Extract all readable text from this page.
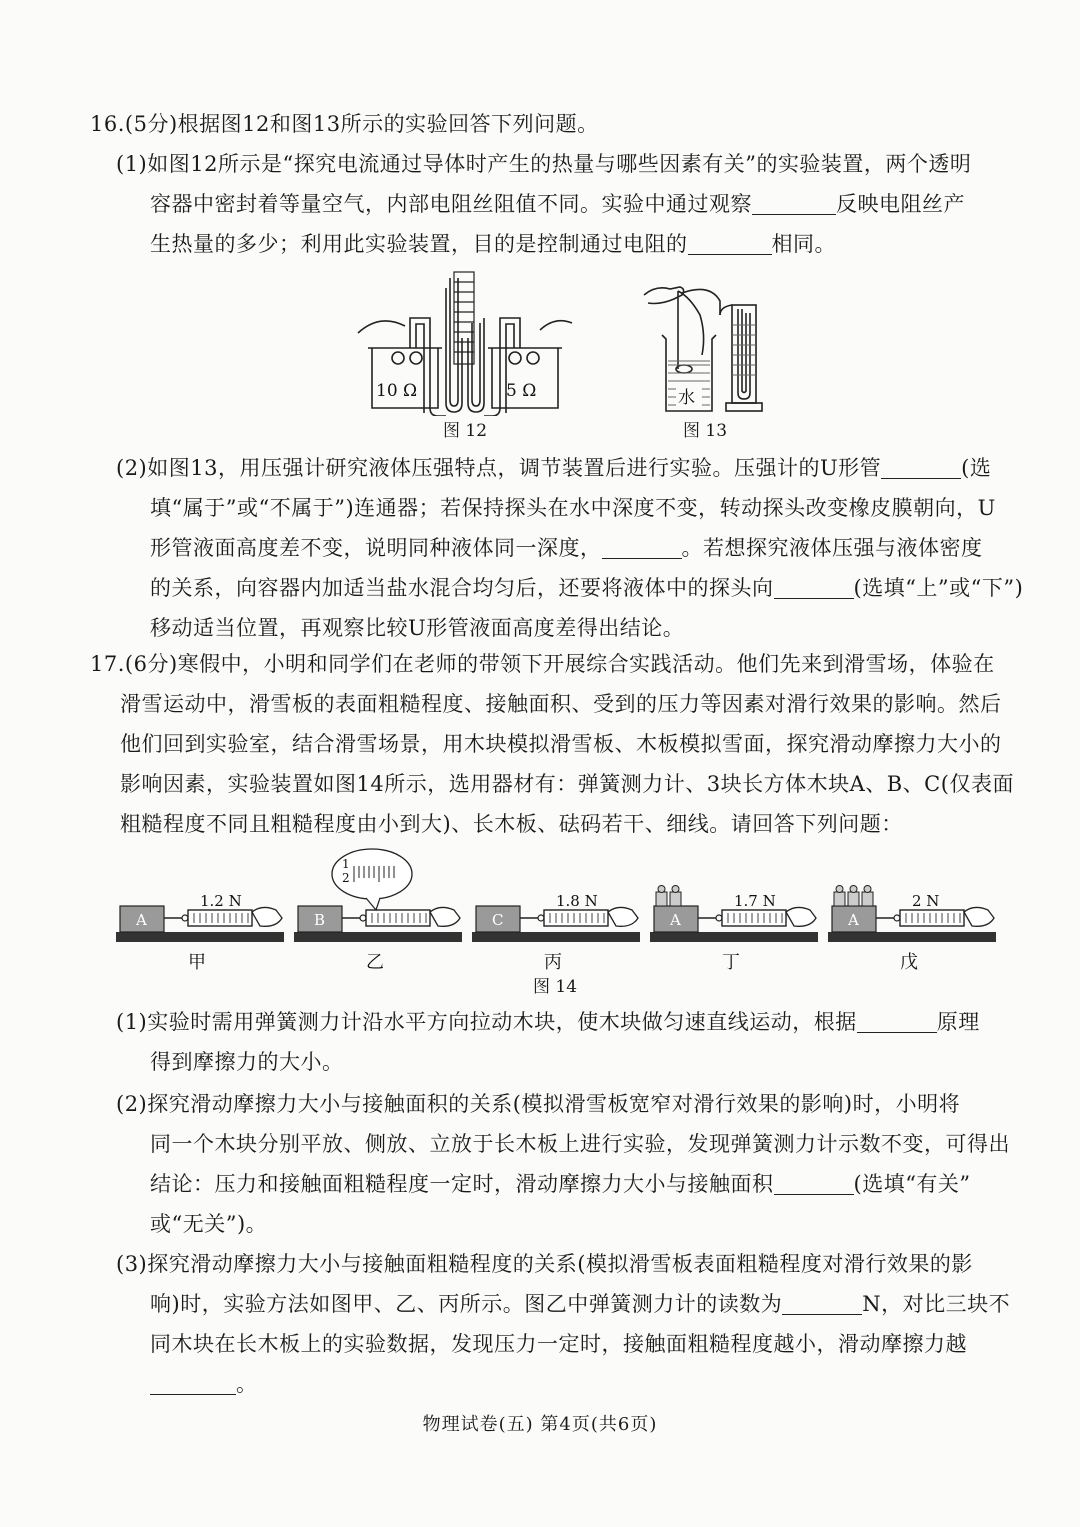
16.(5分)根据图12和图13所示的实验回答下列问题。
(1)如图12所示是“探究电流通过导体时产生的热量与哪些因素有关”的实验装置，两个透明
容器中密封着等量空气，内部电阻丝阻值不同。实验中通过观察	反映电阻丝产
生热量的多少；利用此实验装置，目的是控制通过电阻的	相同。
10 Ω	5 Ω
图 12
水
图 13
(2)如图13，用压强计研究液体压强特点，调节装置后进行实验。压强计的U形管	(选
填“属于”或“不属于”)连通器；若保持探头在水中深度不变，转动探头改变橡皮膜朝向，U
形管液面高度差不变，说明同种液体同一深度，	。若想探究液体压强与液体密度
的关系，向容器内加适当盐水混合均匀后，还要将液体中的探头向	(选填“上”或“下”)
移动适当位置，再观察比较U形管液面高度差得出结论。
17.(6分)寒假中，小明和同学们在老师的带领下开展综合实践活动。他们先来到滑雪场，体验在
滑雪运动中，滑雪板的表面粗糙程度、接触面积、受到的压力等因素对滑行效果的影响。然后
他们回到实验室，结合滑雪场景，用木块模拟滑雪板、木板模拟雪面，探究滑动摩擦力大小的
影响因素，实验装置如图14所示，选用器材有：弹簧测力计、3块长方体木块A、B、C(仅表面
粗糙程度不同且粗糙程度由小到大)、长木板、砝码若干、细线。请回答下列问题：
A
1.2 N
甲
B
1
2
乙
C
1.8 N
丙
A
1.7 N
丁
A
2 N
戊
图 14
(1)实验时需用弹簧测力计沿水平方向拉动木块，使木块做匀速直线运动，根据	原理
得到摩擦力的大小。
(2)探究滑动摩擦力大小与接触面积的关系(模拟滑雪板宽窄对滑行效果的影响)时，小明将
同一个木块分别平放、侧放、立放于长木板上进行实验，发现弹簧测力计示数不变，可得出
结论：压力和接触面粗糙程度一定时，滑动摩擦力大小与接触面积	(选填“有关”
或“无关”)。
(3)探究滑动摩擦力大小与接触面粗糙程度的关系(模拟滑雪板表面粗糙程度对滑行效果的影
响)时，实验方法如图甲、乙、丙所示。图乙中弹簧测力计的读数为	N，对比三块不
同木块在长木板上的实验数据，发现压力一定时，接触面粗糙程度越小，滑动摩擦力越
。
物理试卷(五) 第4页(共6页)
